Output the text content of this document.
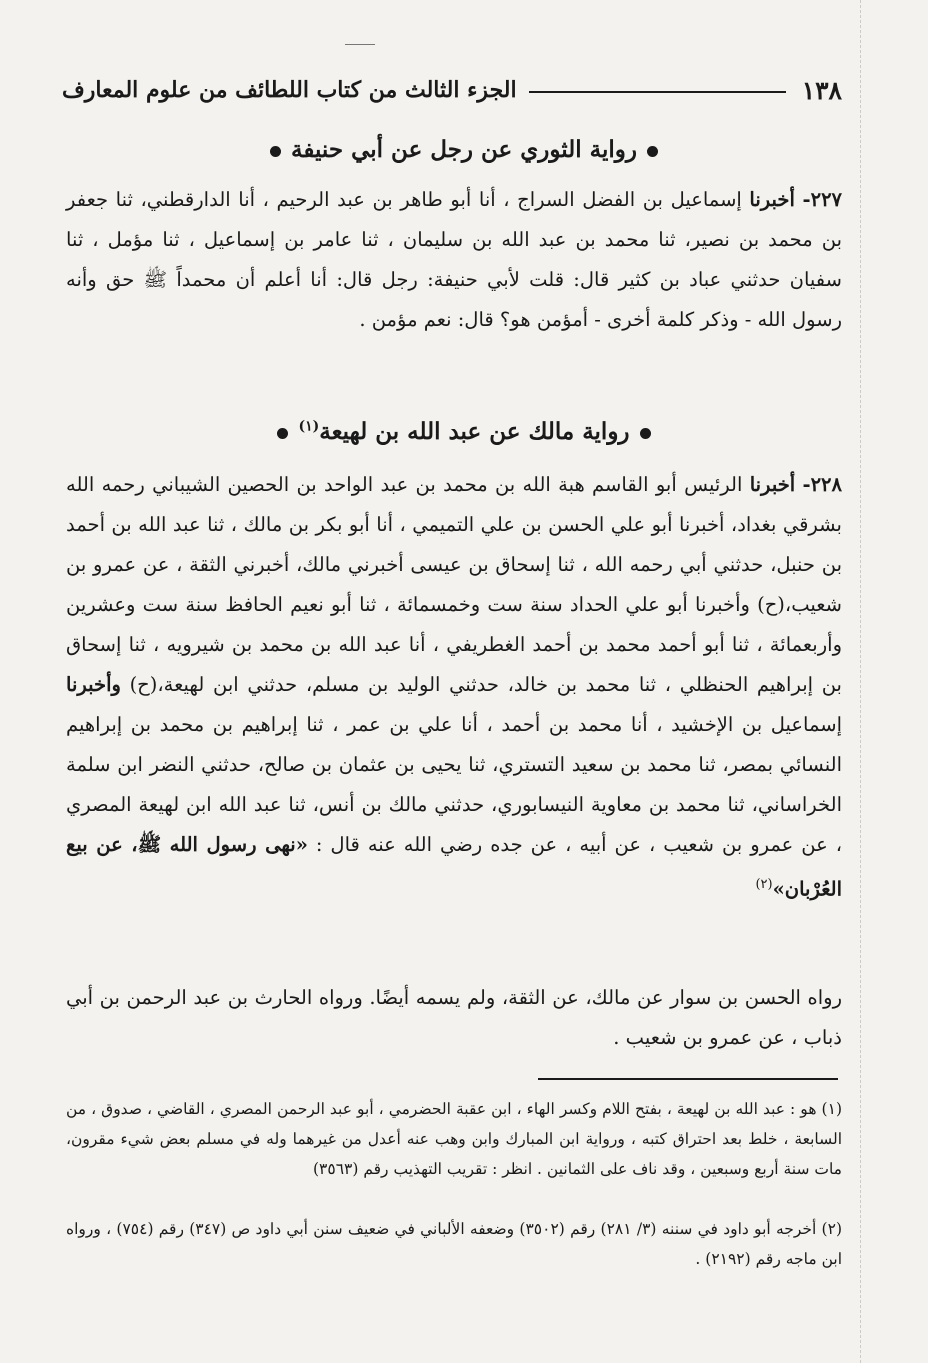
١٣٨
الجزء الثالث من كتاب اللطائف من علوم المعارف
رواية الثوري عن رجل عن أبي حنيفة
٢٢٧- أخبرنا إسماعيل بن الفضل السراج ، أنا أبو طاهر بن عبد الرحيم ، أنا الدارقطني، ثنا جعفر بن محمد بن نصير، ثنا محمد بن عبد الله بن سليمان ، ثنا عامر بن إسماعيل ، ثنا مؤمل ، ثنا سفيان حدثني عباد بن كثير قال: قلت لأبي حنيفة: رجل قال: أنا أعلم أن محمداً ﷺ حق وأنه رسول الله - وذكر كلمة أخرى - أمؤمن هو؟ قال: نعم مؤمن .
رواية مالك عن عبد الله بن لهيعة$^{(١)}$
٢٢٨- أخبرنا الرئيس أبو القاسم هبة الله بن محمد بن عبد الواحد بن الحصين الشيباني رحمه الله بشرقي بغداد، أخبرنا أبو علي الحسن بن علي التميمي ، أنا أبو بكر بن مالك ، ثنا عبد الله بن أحمد بن حنبل، حدثني أبي رحمه الله ، ثنا إسحاق بن عيسى أخبرني مالك، أخبرني الثقة ، عن عمرو بن شعيب،(ح) وأخبرنا أبو علي الحداد سنة ست وخمسمائة ، ثنا أبو نعيم الحافظ سنة ست وعشرين وأربعمائة ، ثنا أبو أحمد محمد بن أحمد الغطريفي ، أنا عبد الله بن محمد بن شيرويه ، ثنا إسحاق بن إبراهيم الحنظلي ، ثنا محمد بن خالد، حدثني الوليد بن مسلم، حدثني ابن لهيعة،(ح) وأخبرنا إسماعيل بن الإخشيد ، أنا محمد بن أحمد ، أنا علي بن عمر ، ثنا إبراهيم بن محمد بن إبراهيم النسائي بمصر، ثنا محمد بن سعيد التستري، ثنا يحيى بن عثمان بن صالح، حدثني النضر ابن سلمة الخراساني، ثنا محمد بن معاوية النيسابوري، حدثني مالك بن أنس، ثنا عبد الله ابن لهيعة المصري ، عن عمرو بن شعيب ، عن أبيه ، عن جده رضي الله عنه قال : «نهى رسول الله ﷺ، عن بيع العُرْبان»$^{(٢)}$
رواه الحسن بن سوار عن مالك، عن الثقة، ولم يسمه أيضًا. ورواه الحارث بن عبد الرحمن بن أبي ذباب ، عن عمرو بن شعيب .
(١) هو : عبد الله بن لهيعة ، بفتح اللام وكسر الهاء ، ابن عقبة الحضرمي ، أبو عبد الرحمن المصري ، القاضي ، صدوق ، من السابعة ، خلط بعد احتراق كتبه ، ورواية ابن المبارك وابن وهب عنه أعدل من غيرهما وله في مسلم بعض شيء مقرون، مات سنة أربع وسبعين ، وقد ناف على الثمانين . انظر : تقريب التهذيب رقم (٣٥٦٣)
(٢) أخرجه أبو داود في سننه (٣/ ٢٨١) رقم (٣٥٠٢) وضعفه الألباني في ضعيف سنن أبي داود ص (٣٤٧) رقم (٧٥٤) ، ورواه ابن ماجه رقم (٢١٩٢) .
